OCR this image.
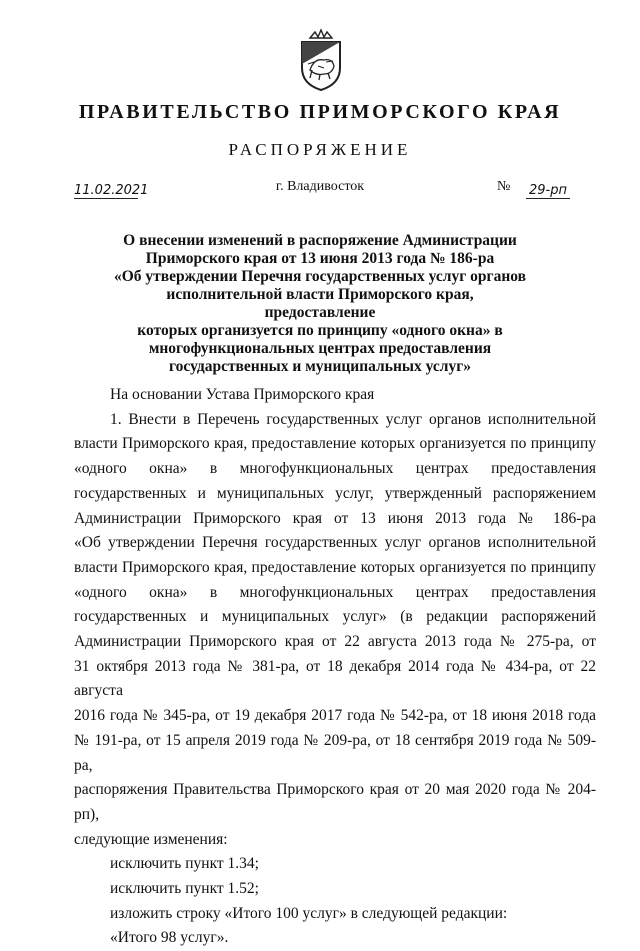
ПРАВИТЕЛЬСТВО ПРИМОРСКОГО КРАЯ
РАСПОРЯЖЕНИЕ
11.02.2021	г. Владивосток	№ 29-рп
О внесении изменений в распоряжение Администрации
Приморского края от 13 июня 2013 года № 186-ра
«Об утверждении Перечня государственных услуг органов
исполнительной власти Приморского края, предоставление
которых организуется по принципу «одного окна» в
многофункциональных центрах предоставления
государственных и муниципальных услуг»

На основании Устава Приморского края

1. Внести в Перечень государственных услуг органов исполнительной

власти Приморского края, предоставление которых организуется по принципу

«одного окна» в многофункциональных центрах предоставления

государственных и муниципальных услуг, утвержденный распоряжением

Администрации Приморского края от 13 июня 2013 года № 186-ра

«Об утверждении Перечня государственных услуг органов исполнительной

власти Приморского края, предоставление которых организуется по принципу

«одного окна» в многофункциональных центрах предоставления

государственных и муниципальных услуг» (в редакции распоряжений

Администрации Приморского края от 22 августа 2013 года № 275-ра, от

31 октября 2013 года № 381-ра, от 18 декабря 2014 года № 434-ра, от 22 августа

2016 года № 345-ра, от 19 декабря 2017 года № 542-ра, от 18 июня 2018 года

№ 191-ра, от 15 апреля 2019 года № 209-ра, от 18 сентября 2019 года № 509-ра,

распоряжения Правительства Приморского края от 20 мая 2020 года № 204-рп),

следующие изменения:

исключить пункт 1.34;

исключить пункт 1.52;

изложить строку «Итого 100 услуг» в следующей редакции:

«Итого 98 услуг».
